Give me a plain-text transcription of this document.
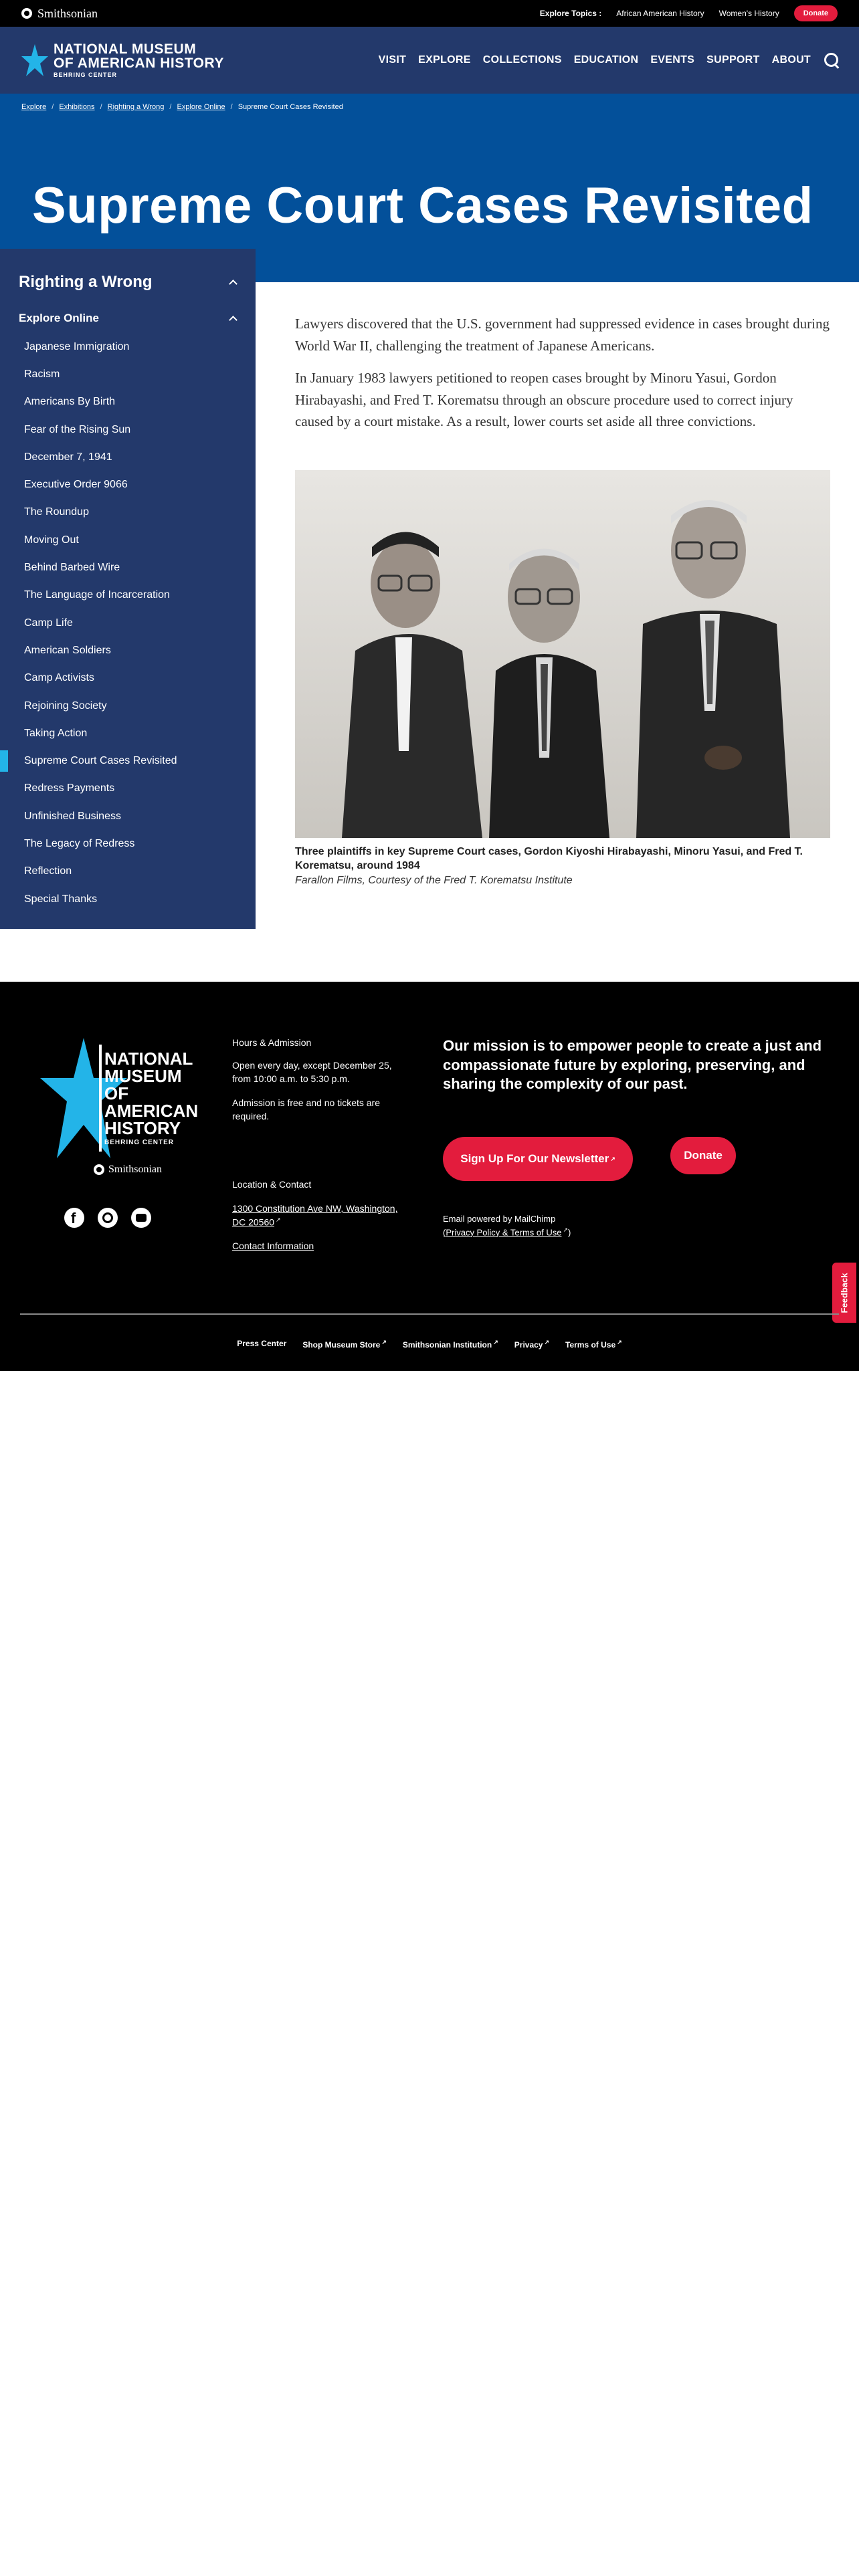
Smithsonian	Explore Topics : African American History Women's History	Donate
NATIONAL MUSEUM
OF AMERICAN HISTORY
BEHRING CENTER
VISIT EXPLORE COLLECTIONS EDUCATION EVENTS SUPPORT ABOUT
Explore / Exhibitions / Righting a Wrong / Explore Online / Supreme Court Cases Revisited
Supreme Court Cases Revisited
Righting a Wrong
Explore Online
Japanese Immigration
Racism
Americans By Birth
Fear of the Rising Sun
December 7, 1941
Executive Order 9066
The Roundup
Moving Out
Behind Barbed Wire
The Language of Incarceration
Camp Life
American Soldiers
Camp Activists
Rejoining Society
Taking Action
Supreme Court Cases Revisited
Redress Payments
Unfinished Business
The Legacy of Redress
Reflection
Special Thanks

Lawyers discovered that the U.S. government had suppressed evidence in cases brought during World War II, challenging the treatment of Japanese Americans.

In January 1983 lawyers petitioned to reopen cases brought by Minoru Yasui, Gordon Hirabayashi, and Fred T. Korematsu through an obscure procedure used to correct injury caused by a court mistake. As a result, lower courts set aside all three convictions.

Three plaintiffs in key Supreme Court cases, Gordon Kiyoshi Hirabayashi, Minoru Yasui, and Fred T. Korematsu, around 1984
Farallon Films, Courtesy of the Fred T. Korematsu Institute
NATIONAL
MUSEUM
OF
AMERICAN
HISTORY
BEHRING CENTER
Smithsonian
f
Hours & Admission
Open every day, except December 25, from 10:00 a.m. to 5:30 p.m.
Admission is free and no tickets are required.
Location & Contact
1300 Constitution Ave NW, Washington, DC 20560 ↗
Contact Information
Our mission is to empower people to create a just and compassionate future by exploring, preserving, and sharing the complexity of our past.
Sign Up For Our Newsletter ↗	Donate
Email powered by MailChimp
(Privacy Policy & Terms of Use ↗)
Feedback
Press Center Shop Museum Store ↗ Smithsonian Institution ↗ Privacy ↗ Terms of Use ↗
